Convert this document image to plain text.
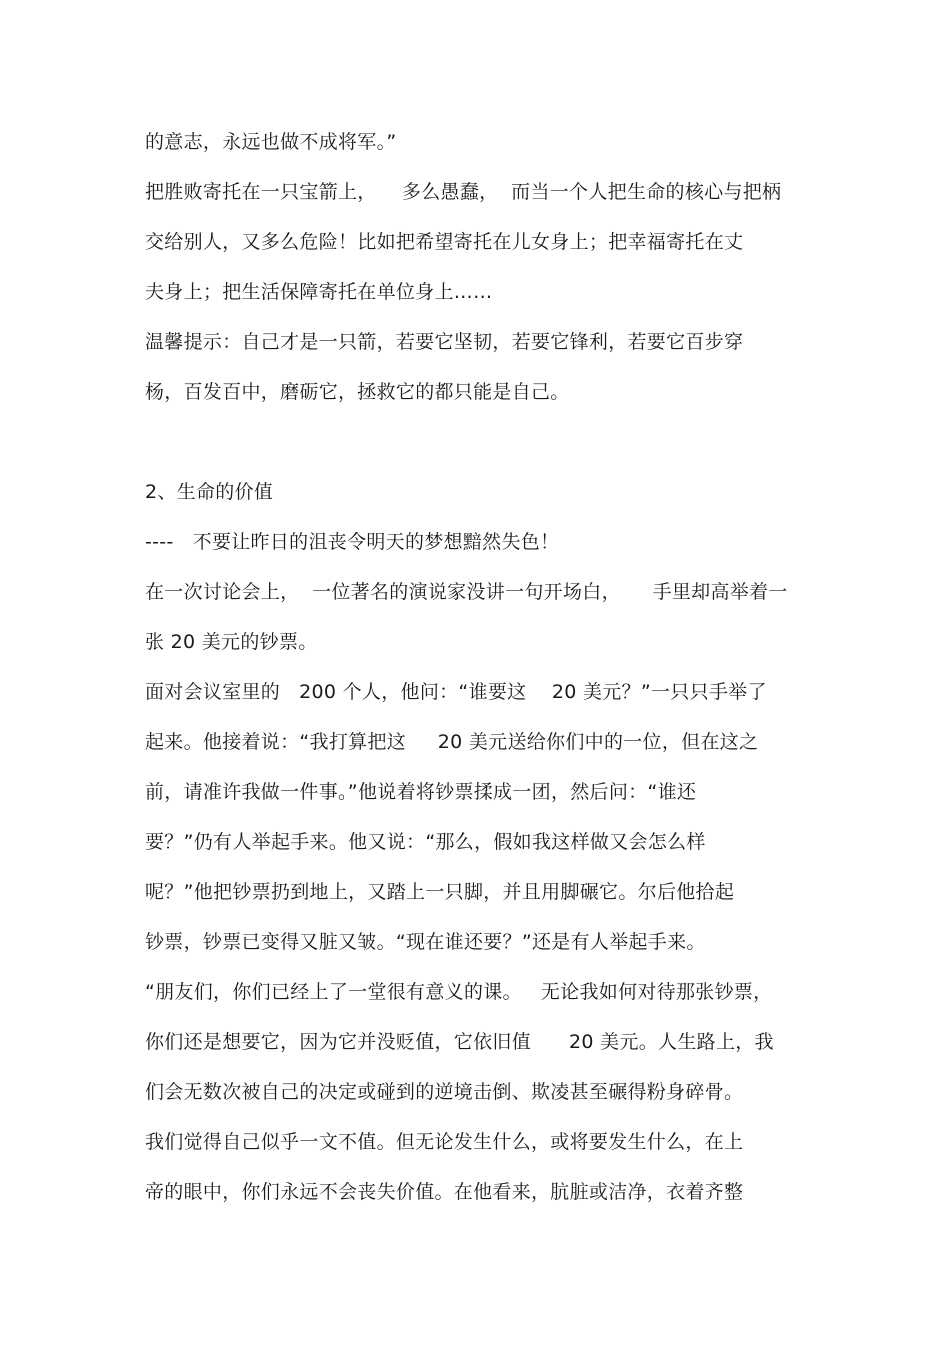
的意志，永远也做不成将军。”
把胜败寄托在一只宝箭上，    多么愚蠢，  而当一个人把生命的核心与把柄
交给别人，又多么危险！比如把希望寄托在儿女身上；把幸福寄托在丈
夫身上；把生活保障寄托在单位身上……
温馨提示：自己才是一只箭，若要它坚韧，若要它锋利，若要它百步穿
杨，百发百中，磨砺它，拯救它的都只能是自己。
2、生命的价值
----   不要让昨日的沮丧令明天的梦想黯然失色！
在一次讨论会上，  一位著名的演说家没讲一句开场白，     手里却高举着一
张 20 美元的钞票。
面对会议室里的   200 个人，他问：“谁要这    20 美元？”一只只手举了
起来。他接着说：“我打算把这     20 美元送给你们中的一位，但在这之
前，请准许我做一件事。”他说着将钞票揉成一团，然后问：“谁还
要？”仍有人举起手来。他又说：“那么，假如我这样做又会怎么样
呢？”他把钞票扔到地上，又踏上一只脚，并且用脚碾它。尔后他拾起
钞票，钞票已变得又脏又皱。“现在谁还要？”还是有人举起手来。
“朋友们，你们已经上了一堂很有意义的课。   无论我如何对待那张钞票，
你们还是想要它，因为它并没贬值，它依旧值      20 美元。人生路上，我
们会无数次被自己的决定或碰到的逆境击倒、欺凌甚至碾得粉身碎骨。
我们觉得自己似乎一文不值。但无论发生什么，或将要发生什么，在上
帝的眼中，你们永远不会丧失价值。在他看来，肮脏或洁净，衣着齐整
